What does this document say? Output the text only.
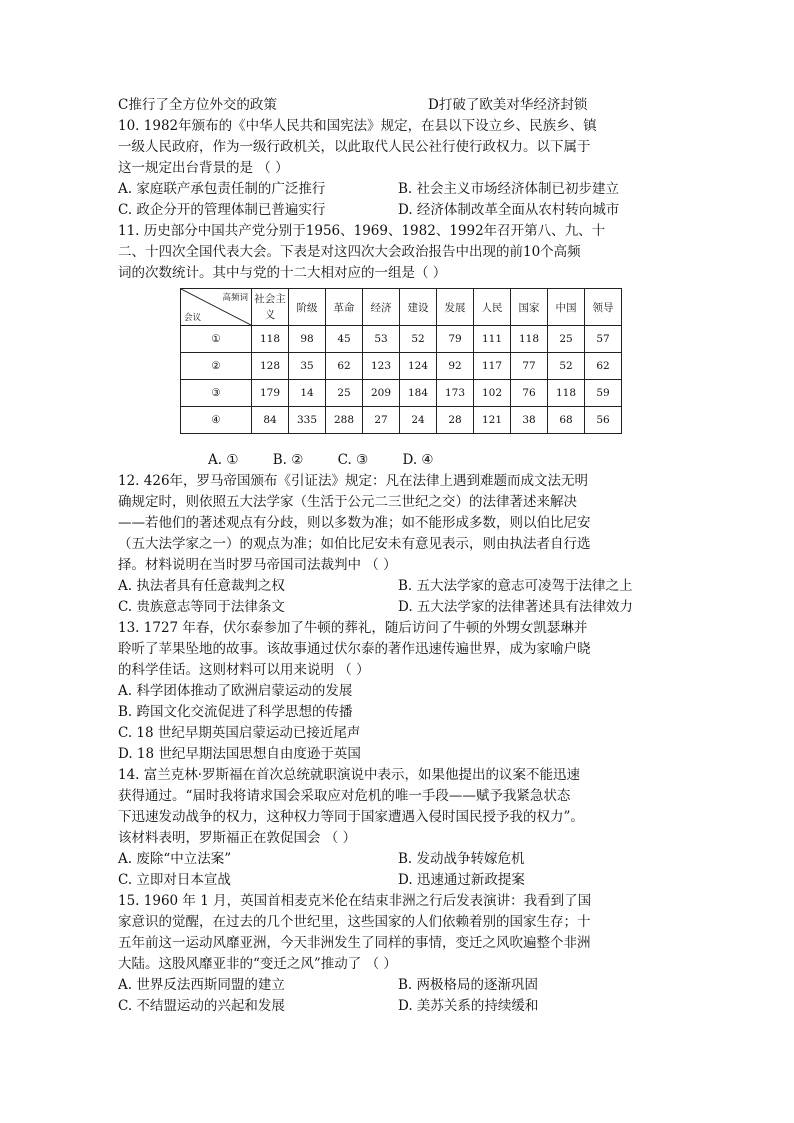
C推行了全方位外交的政策	D打破了欧美对华经济封锁
10. 1982年颁布的《中华人民共和国宪法》规定，在县以下设立乡、民族乡、镇
一级人民政府，作为一级行政机关，以此取代人民公社行使行政权力。以下属于
这一规定出台背景的是 （ ）
A. 家庭联产承包责任制的广泛推行	B. 社会主义市场经济体制已初步建立
C. 政企分开的管理体制已普遍实行	D. 经济体制改革全面从农村转向城市
11. 历史部分中国共产党分别于1956、1969、1982、1992年召开第八、九、十
二、十四次全国代表大会。下表是对这四次大会政治报告中出现的前10个高频
词的次数统计。其中与党的十二大相对应的一组是（ ）
高频词
会议	社会主义	阶级	革命	经济	建设	发展	人民	国家	中国	领导
①	118	98	45	53	52	79	111	118	25	57
②	128	35	62	123	124	92	117	77	52	62
③	179	14	25	209	184	173	102	76	118	59
④	84	335	288	27	24	28	121	38	68	56
A. ①	B. ②	C. ③	D. ④
12. 426年，罗马帝国颁布《引证法》规定：凡在法律上遇到难题而成文法无明
确规定时，则依照五大法学家（生活于公元二三世纪之交）的法律著述来解决
——若他们的著述观点有分歧，则以多数为准；如不能形成多数，则以伯比尼安
（五大法学家之一）的观点为准；如伯比尼安未有意见表示，则由执法者自行选
择。材料说明在当时罗马帝国司法裁判中 （ ）
A. 执法者具有任意裁判之权	B. 五大法学家的意志可凌驾于法律之上
C. 贵族意志等同于法律条文	D. 五大法学家的法律著述具有法律效力
13. 1727 年春，伏尔泰参加了牛顿的葬礼，随后访问了牛顿的外甥女凯瑟琳并
聆听了苹果坠地的故事。该故事通过伏尔泰的著作迅速传遍世界，成为家喻户晓
的科学佳话。这则材料可以用来说明 （ ）
A. 科学团体推动了欧洲启蒙运动的发展
B. 跨国文化交流促进了科学思想的传播
C. 18 世纪早期英国启蒙运动已接近尾声
D. 18 世纪早期法国思想自由度逊于英国
14. 富兰克林·罗斯福在首次总统就职演说中表示，如果他提出的议案不能迅速
获得通过。“届时我将请求国会采取应对危机的唯一手段——赋予我紧急状态
下迅速发动战争的权力，这种权力等同于国家遭遇入侵时国民授予我的权力”。
该材料表明，罗斯福正在敦促国会 （ ）
A. 废除“中立法案”	B. 发动战争转嫁危机
C. 立即对日本宣战	D. 迅速通过新政提案
15. 1960 年 1 月，英国首相麦克米伦在结束非洲之行后发表演讲：我看到了国
家意识的觉醒，在过去的几个世纪里，这些国家的人们依赖着别的国家生存；十
五年前这一运动风靡亚洲，今天非洲发生了同样的事情，变迁之风吹遍整个非洲
大陆。这股风靡亚非的“变迁之风”推动了 （ ）
A. 世界反法西斯同盟的建立	B. 两极格局的逐渐巩固
C. 不结盟运动的兴起和发展	D. 美苏关系的持续缓和
